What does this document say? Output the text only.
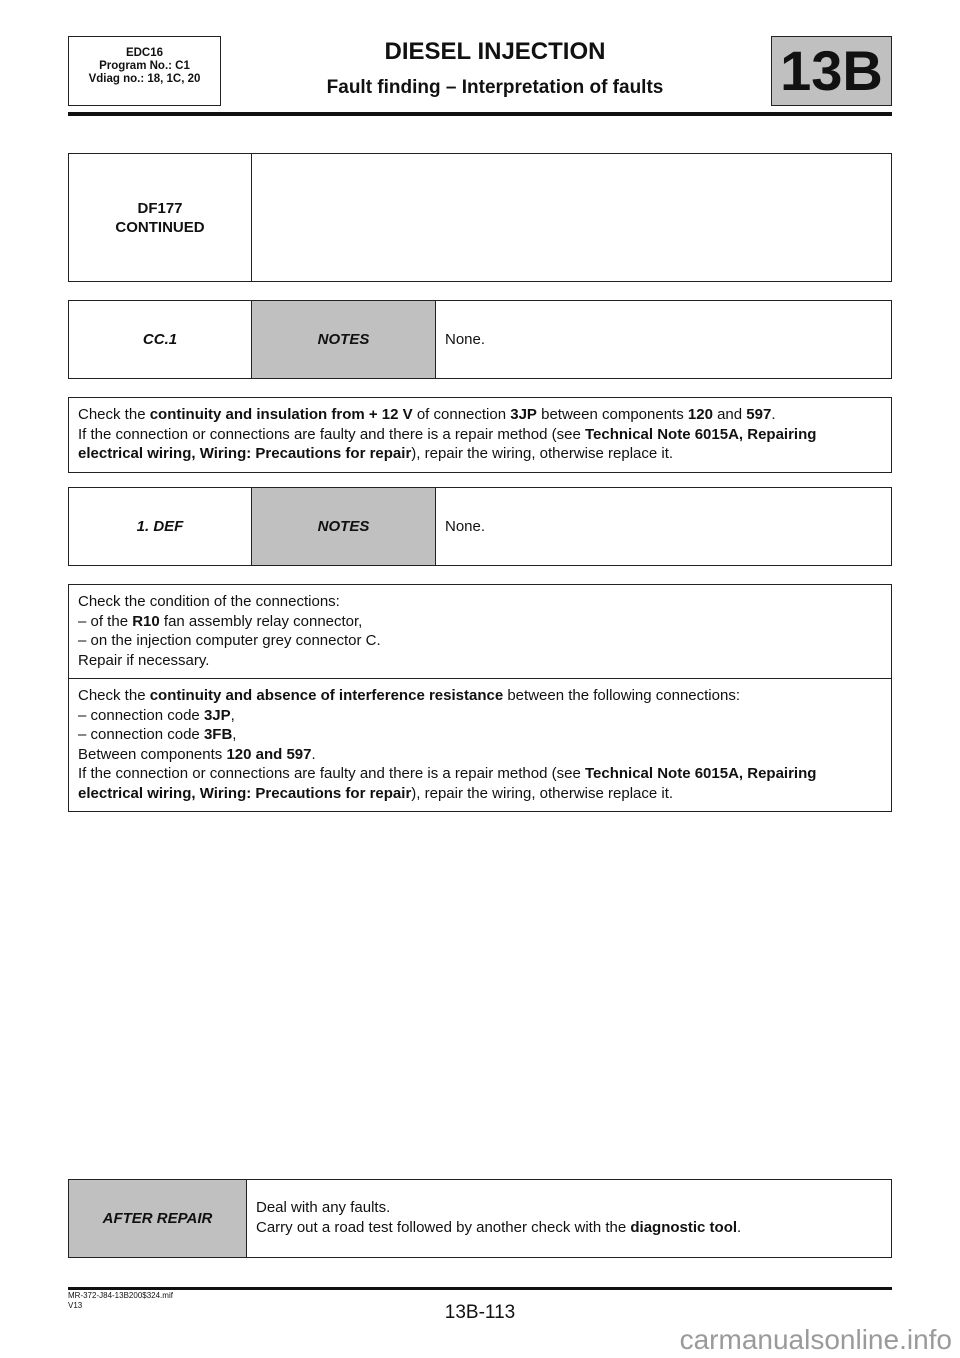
EDC16
Program No.: C1
Vdiag no.: 18, 1C, 20
DIESEL INJECTION
Fault finding – Interpretation of faults	13B
DF177
CONTINUED
CC.1	NOTES	None.
Check the continuity and insulation from + 12 V of connection 3JP between components 120 and 597.
If the connection or connections are faulty and there is a repair method (see Technical Note 6015A, Repairing electrical wiring, Wiring: Precautions for repair), repair the wiring, otherwise replace it.
1. DEF	NOTES	None.
Check the condition of the connections:
– of the R10 fan assembly relay connector,
– on the injection computer grey connector C.
Repair if necessary.
Check the continuity and absence of interference resistance between the following connections:
– connection code 3JP,
– connection code 3FB,
Between components 120 and 597.
If the connection or connections are faulty and there is a repair method (see Technical Note 6015A, Repairing electrical wiring, Wiring: Precautions for repair), repair the wiring, otherwise replace it.
AFTER REPAIR
Deal with any faults.
Carry out a road test followed by another check with the diagnostic tool.
MR-372-J84-13B200$324.mif
V13	13B-113
carmanualsonline.info
